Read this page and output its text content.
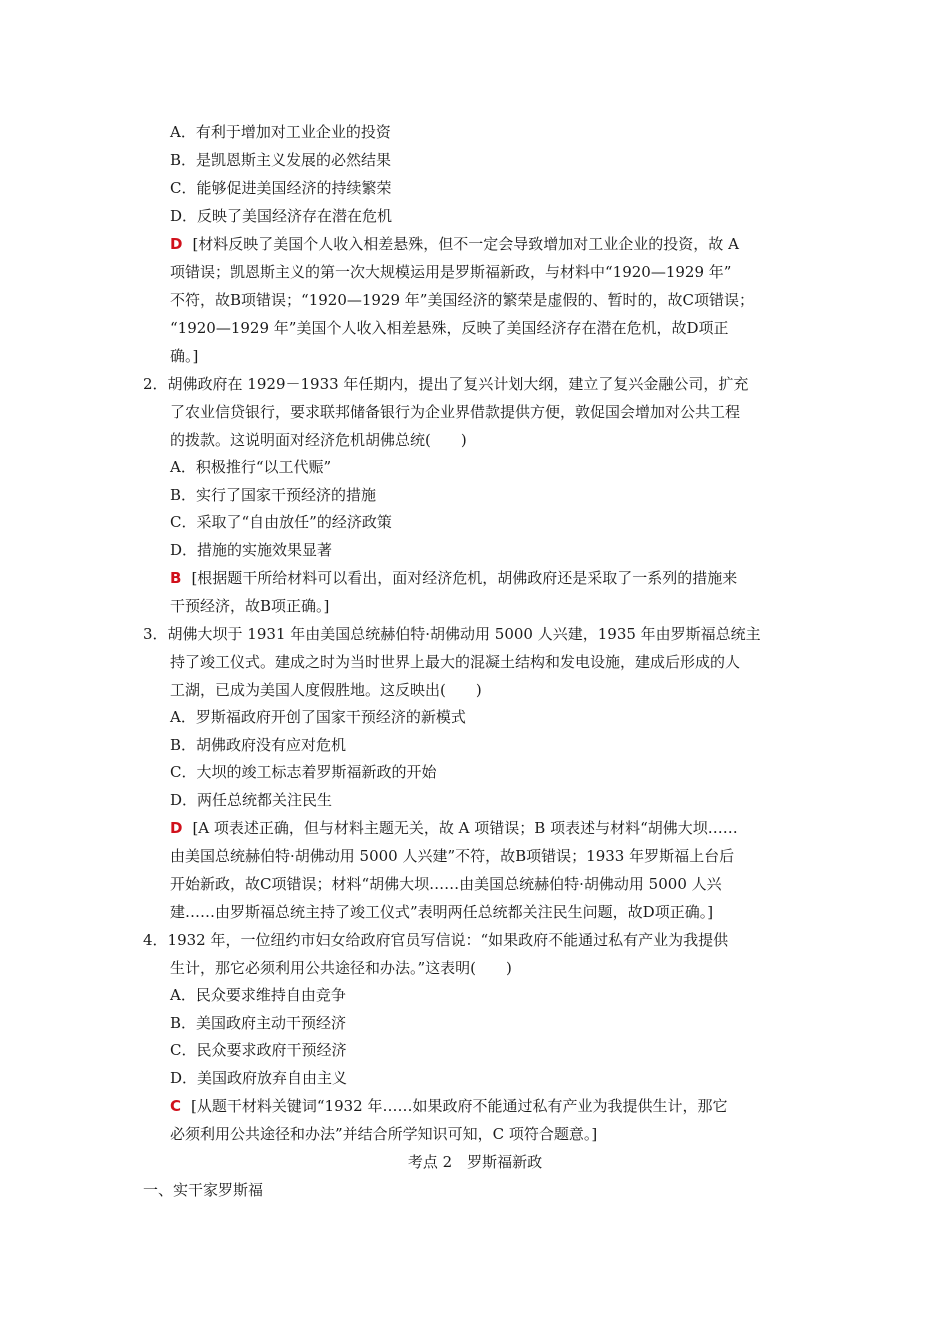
A．有利于增加对工业企业的投资
B．是凯恩斯主义发展的必然结果
C．能够促进美国经济的持续繁荣
D．反映了美国经济存在潜在危机
D [材料反映了美国个人收入相差悬殊，但不一定会导致增加对工业企业的投资，故 A
项错误；凯恩斯主义的第一次大规模运用是罗斯福新政，与材料中“1920—1929 年”
不符，故B项错误；“1920—1929 年”美国经济的繁荣是虚假的、暂时的，故C项错误；
“1920—1929 年”美国个人收入相差悬殊，反映了美国经济存在潜在危机，故D项正
确。]
2．胡佛政府在 1929－1933 年任期内，提出了复兴计划大纲，建立了复兴金融公司，扩充
了农业信贷银行，要求联邦储备银行为企业界借款提供方便，敦促国会增加对公共工程
的拨款。这说明面对经济危机胡佛总统(　　)
A．积极推行“以工代赈”
B．实行了国家干预经济的措施
C．采取了“自由放任”的经济政策
D．措施的实施效果显著
B [根据题干所给材料可以看出，面对经济危机，胡佛政府还是采取了一系列的措施来
干预经济，故B项正确。]
3．胡佛大坝于 1931 年由美国总统赫伯特·胡佛动用 5000 人兴建，1935 年由罗斯福总统主
持了竣工仪式。建成之时为当时世界上最大的混凝土结构和发电设施，建成后形成的人
工湖，已成为美国人度假胜地。这反映出(　　)
A．罗斯福政府开创了国家干预经济的新模式
B．胡佛政府没有应对危机
C．大坝的竣工标志着罗斯福新政的开始
D．两任总统都关注民生
D [A 项表述正确，但与材料主题无关，故 A 项错误；B 项表述与材料“胡佛大坝……
由美国总统赫伯特·胡佛动用 5000 人兴建”不符，故B项错误；1933 年罗斯福上台后
开始新政，故C项错误；材料“胡佛大坝……由美国总统赫伯特·胡佛动用 5000 人兴
建……由罗斯福总统主持了竣工仪式”表明两任总统都关注民生问题，故D项正确。]
4．1932 年，一位纽约市妇女给政府官员写信说：“如果政府不能通过私有产业为我提供
生计，那它必须利用公共途径和办法。”这表明(　　)
A．民众要求维持自由竞争
B．美国政府主动干预经济
C．民众要求政府干预经济
D．美国政府放弃自由主义
C [从题干材料关键词“1932 年……如果政府不能通过私有产业为我提供生计，那它
必须利用公共途径和办法”并结合所学知识可知，C 项符合题意。]
考点 2　罗斯福新政
一、实干家罗斯福
